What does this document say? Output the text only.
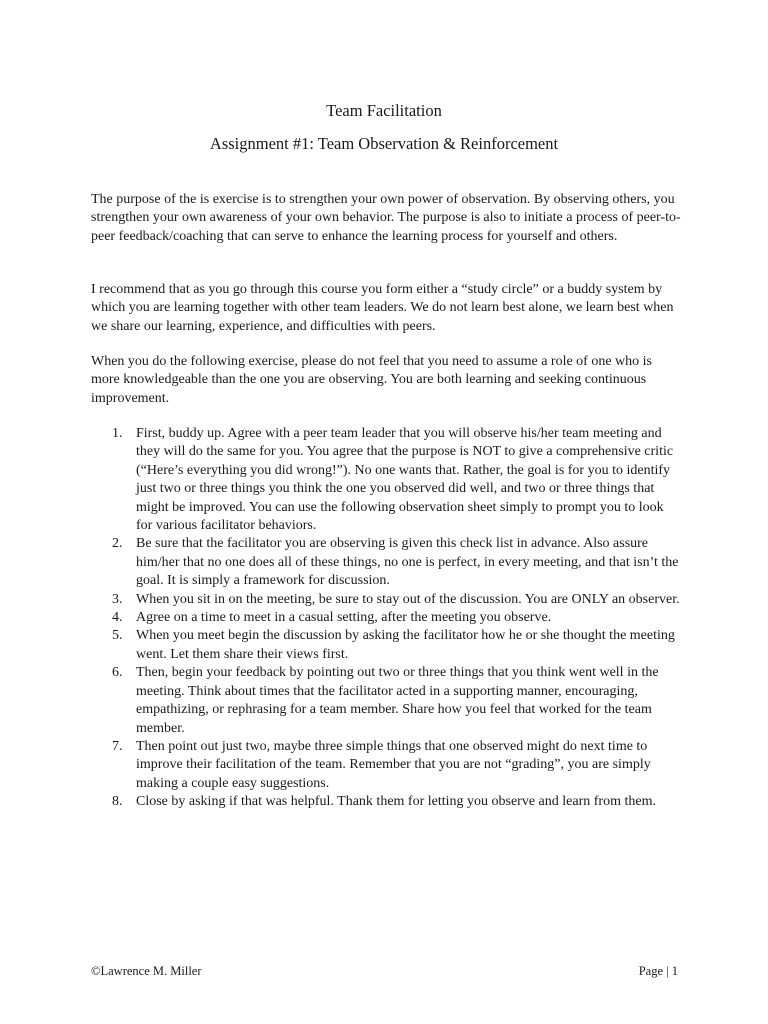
Team Facilitation
Assignment #1: Team Observation & Reinforcement

The purpose of the is exercise is to strengthen your own power of observation. By observing others, you strengthen your own awareness of your own behavior. The purpose is also to initiate a process of peer-to-peer feedback/coaching that can serve to enhance the learning process for yourself and others.

I recommend that as you go through this course you form either a “study circle” or a buddy system by which you are learning together with other team leaders. We do not learn best alone, we learn best when we share our learning, experience, and difficulties with peers.

When you do the following exercise, please do not feel that you need to assume a role of one who is more knowledgeable than the one you are observing. You are both learning and seeking continuous improvement.

1. First, buddy up. Agree with a peer team leader that you will observe his/her team meeting and they will do the same for you. You agree that the purpose is NOT to give a comprehensive critic (“Here’s everything you did wrong!”). No one wants that. Rather, the goal is for you to identify just two or three things you think the one you observed did well, and two or three things that might be improved. You can use the following observation sheet simply to prompt you to look for various facilitator behaviors.
2. Be sure that the facilitator you are observing is given this check list in advance. Also assure him/her that no one does all of these things, no one is perfect, in every meeting, and that isn’t the goal. It is simply a framework for discussion.
3. When you sit in on the meeting, be sure to stay out of the discussion. You are ONLY an observer.
4. Agree on a time to meet in a casual setting, after the meeting you observe.
5. When you meet begin the discussion by asking the facilitator how he or she thought the meeting went. Let them share their views first.
6. Then, begin your feedback by pointing out two or three things that you think went well in the meeting. Think about times that the facilitator acted in a supporting manner, encouraging, empathizing, or rephrasing for a team member. Share how you feel that worked for the team member.
7. Then point out just two, maybe three simple things that one observed might do next time to improve their facilitation of the team. Remember that you are not “grading”, you are simply making a couple easy suggestions.
8. Close by asking if that was helpful. Thank them for letting you observe and learn from them.
©Lawrence M. Miller	Page | 1
